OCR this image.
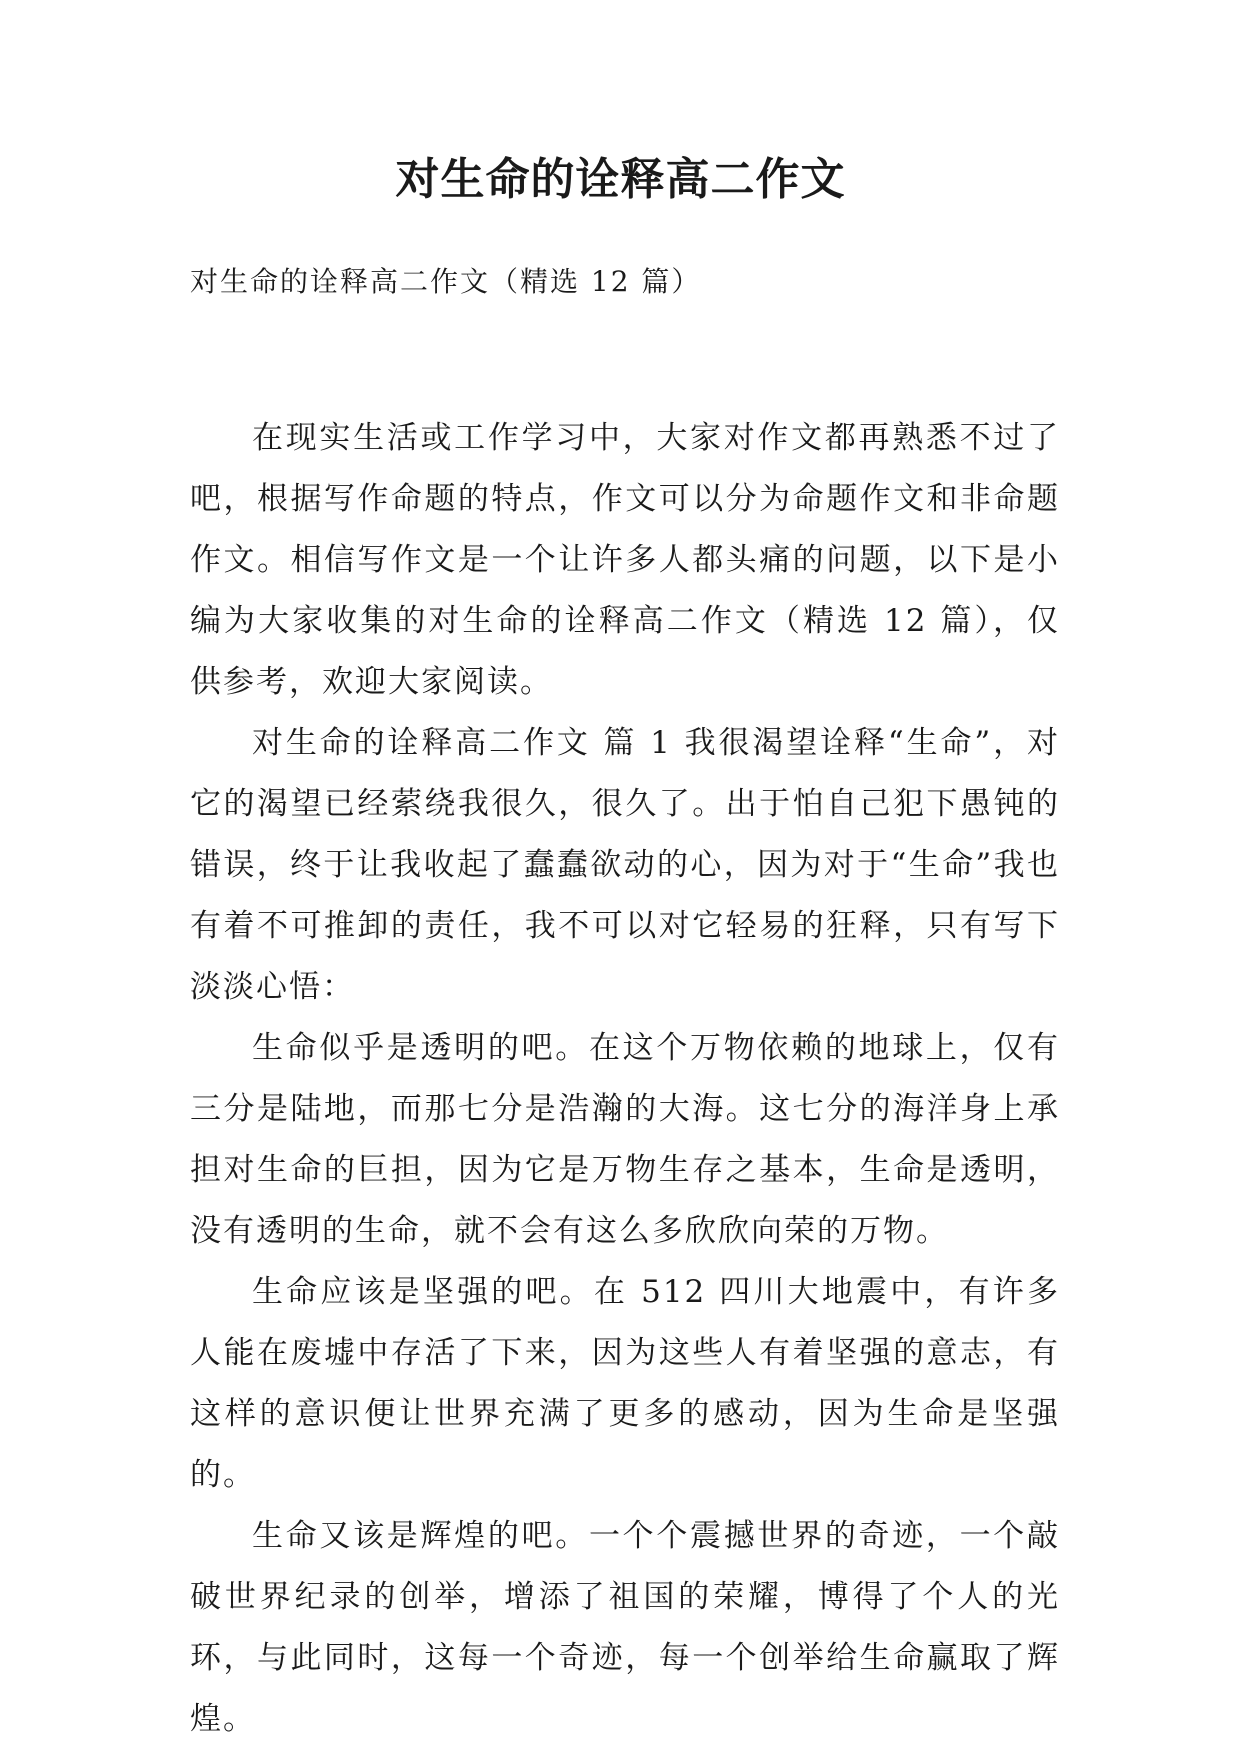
对生命的诠释高二作文

对生命的诠释高二作文（精选 12 篇）

在现实生活或工作学习中，大家对作文都再熟悉不过了吧，根据写作命题的特点，作文可以分为命题作文和非命题作文。相信写作文是一个让许多人都头痛的问题，以下是小编为大家收集的对生命的诠释高二作文（精选 12 篇），仅供参考，欢迎大家阅读。

对生命的诠释高二作文 篇 1 我很渴望诠释“生命”，对它的渴望已经萦绕我很久，很久了。出于怕自己犯下愚钝的错误，终于让我收起了蠢蠢欲动的心，因为对于“生命”我也有着不可推卸的责任，我不可以对它轻易的狂释，只有写下淡淡心悟：

生命似乎是透明的吧。在这个万物依赖的地球上，仅有三分是陆地，而那七分是浩瀚的大海。这七分的海洋身上承担对生命的巨担，因为它是万物生存之基本，生命是透明，没有透明的生命，就不会有这么多欣欣向荣的万物。

生命应该是坚强的吧。在 512 四川大地震中，有许多人能在废墟中存活了下来，因为这些人有着坚强的意志，有这样的意识便让世界充满了更多的感动，因为生命是坚强的。

生命又该是辉煌的吧。一个个震撼世界的奇迹，一个敲破世界纪录的创举，增添了祖国的荣耀，博得了个人的光环，与此同时，这每一个奇迹，每一个创举给生命赢取了辉煌。
